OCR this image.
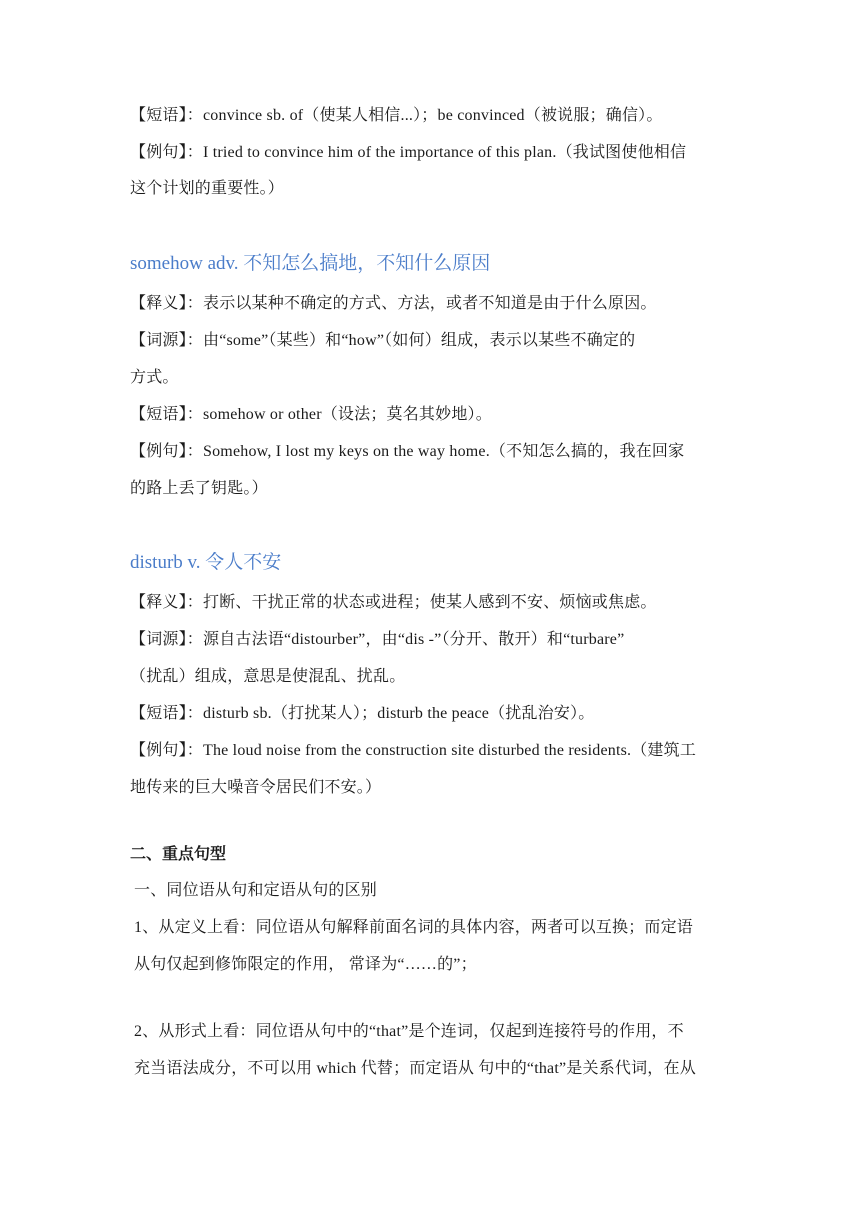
【短语】：convince sb. of（使某人相信...）；be convinced（被说服；确信）。
【例句】：I tried to convince him of the importance of this plan.（我试图使他相信
这个计划的重要性。）
somehow adv. 不知怎么搞地，不知什么原因
【释义】：表示以某种不确定的方式、方法，或者不知道是由于什么原因。
【词源】：由“some”（某些）和“how”（如何）组成，表示以某些不确定的
方式。
【短语】：somehow or other（设法；莫名其妙地）。
【例句】：Somehow, I lost my keys on the way home.（不知怎么搞的，我在回家
的路上丢了钥匙。）
disturb v. 令人不安
【释义】：打断、干扰正常的状态或进程；使某人感到不安、烦恼或焦虑。
【词源】：源自古法语“distourber”，由“dis -”（分开、散开）和“turbare”
（扰乱）组成，意思是使混乱、扰乱。
【短语】：disturb sb.（打扰某人）；disturb the peace（扰乱治安）。
【例句】：The loud noise from the construction site disturbed the residents.（建筑工
地传来的巨大噪音令居民们不安。）
二、重点句型
一、同位语从句和定语从句的区别
1、从定义上看：同位语从句解释前面名词的具体内容，两者可以互换；而定语
从句仅起到修饰限定的作用， 常译为“……的”；
2、从形式上看：同位语从句中的“that”是个连词，仅起到连接符号的作用，不
充当语法成分，不可以用 which 代替；而定语从 句中的“that”是关系代词，在从
